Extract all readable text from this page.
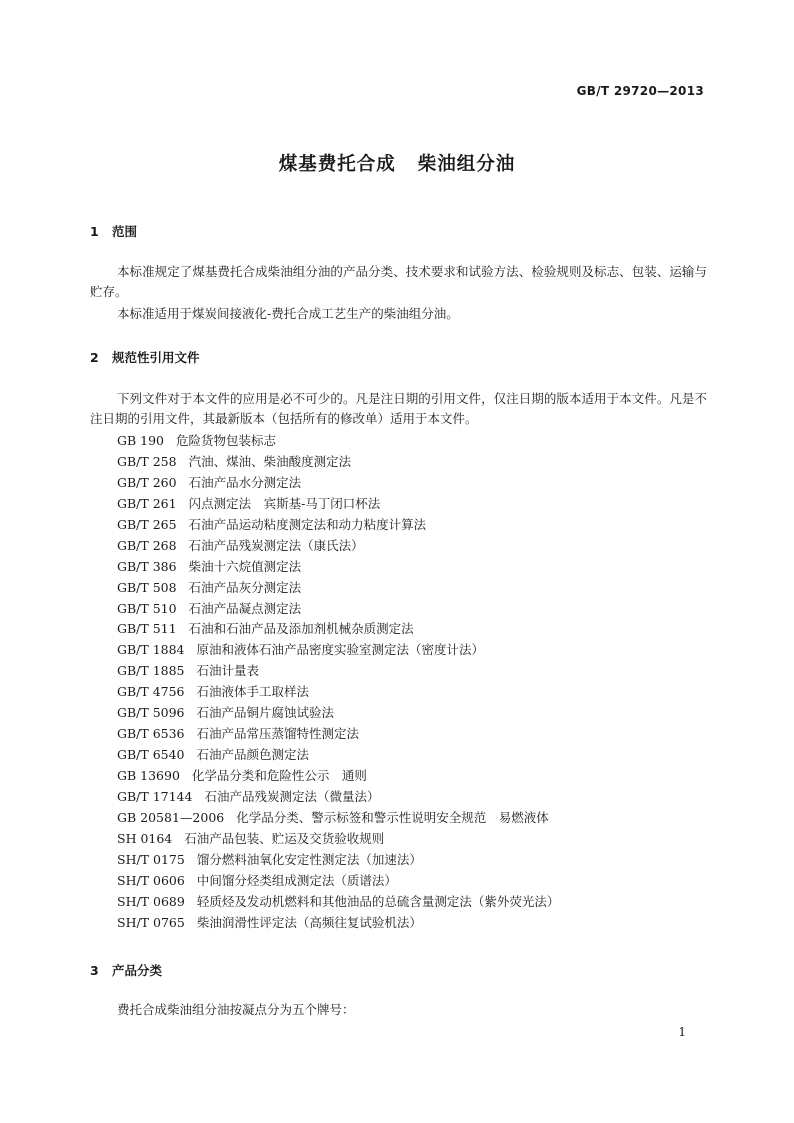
GB/T 29720—2013
煤基费托合成 柴油组分油
1 范围

本标准规定了煤基费托合成柴油组分油的产品分类、技术要求和试验方法、检验规则及标志、包装、运输与贮存。

本标准适用于煤炭间接液化-费托合成工艺生产的柴油组分油。

2 规范性引用文件

下列文件对于本文件的应用是必不可少的。凡是注日期的引用文件，仅注日期的版本适用于本文件。凡是不注日期的引用文件，其最新版本（包括所有的修改单）适用于本文件。

GB 190 危险货物包装标志
GB/T 258 汽油、煤油、柴油酸度测定法
GB/T 260 石油产品水分测定法
GB/T 261 闪点测定法　宾斯基-马丁闭口杯法
GB/T 265 石油产品运动粘度测定法和动力粘度计算法
GB/T 268 石油产品残炭测定法（康氏法）
GB/T 386 柴油十六烷值测定法
GB/T 508 石油产品灰分测定法
GB/T 510 石油产品凝点测定法
GB/T 511 石油和石油产品及添加剂机械杂质测定法
GB/T 1884 原油和液体石油产品密度实验室测定法（密度计法）
GB/T 1885 石油计量表
GB/T 4756 石油液体手工取样法
GB/T 5096 石油产品铜片腐蚀试验法
GB/T 6536 石油产品常压蒸馏特性测定法
GB/T 6540 石油产品颜色测定法
GB 13690 化学品分类和危险性公示　通则
GB/T 17144 石油产品残炭测定法（微量法）
GB 20581—2006 化学品分类、警示标签和警示性说明安全规范　易燃液体
SH 0164 石油产品包装、贮运及交货验收规则
SH/T 0175 馏分燃料油氧化安定性测定法（加速法）
SH/T 0606 中间馏分烃类组成测定法（质谱法）
SH/T 0689 轻质烃及发动机燃料和其他油品的总硫含量测定法（紫外荧光法）
SH/T 0765 柴油润滑性评定法（高频往复试验机法）
3 产品分类

费托合成柴油组分油按凝点分为五个牌号：

1
